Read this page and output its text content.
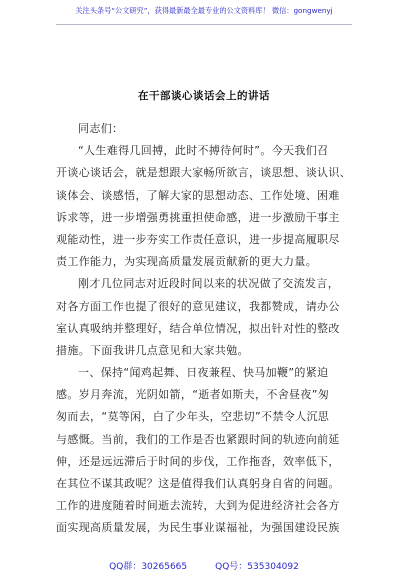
关注头条号“公文研究”，获得最新最全最专业的公文资料库！ 微信：gongwenyj
在干部谈心谈话会上的讲话
同志们：
“人生难得几回搏，此时不搏待何时”。今天我们召
开谈心谈话会，就是想跟大家畅所欲言，谈思想、谈认识、
谈体会、谈感悟，了解大家的思想动态、工作处境、困难
诉求等，进一步增强勇挑重担使命感，进一步激励干事主
观能动性，进一步夯实工作责任意识，进一步提高履职尽
责工作能力，为实现高质量发展贡献新的更大力量。
刚才几位同志对近段时间以来的状况做了交流发言，
对各方面工作也提了很好的意见建议，我都赞成，请办公
室认真吸纳并整理好，结合单位情况，拟出针对性的整改
措施。下面我讲几点意见和大家共勉。
一、保持“闻鸡起舞、日夜兼程、快马加鞭”的紧迫
感。岁月奔流，光阴如箭，“逝者如斯夫，不舍昼夜”匆
匆而去，“莫等闲，白了少年头，空悲切”不禁令人沉思
与感慨。当前，我们的工作是否也紧跟时间的轨迹向前延
伸，还是远远滞后于时间的步伐，工作拖沓，效率低下，
在其位不谋其政呢？这是值得我们认真躬身自省的问题。
工作的进度随着时间逝去流转，大到为促进经济社会各方
面实现高质量发展，为民生事业谋福祉，为强国建设民族
QQ群：30265665	QQ号：535304092
